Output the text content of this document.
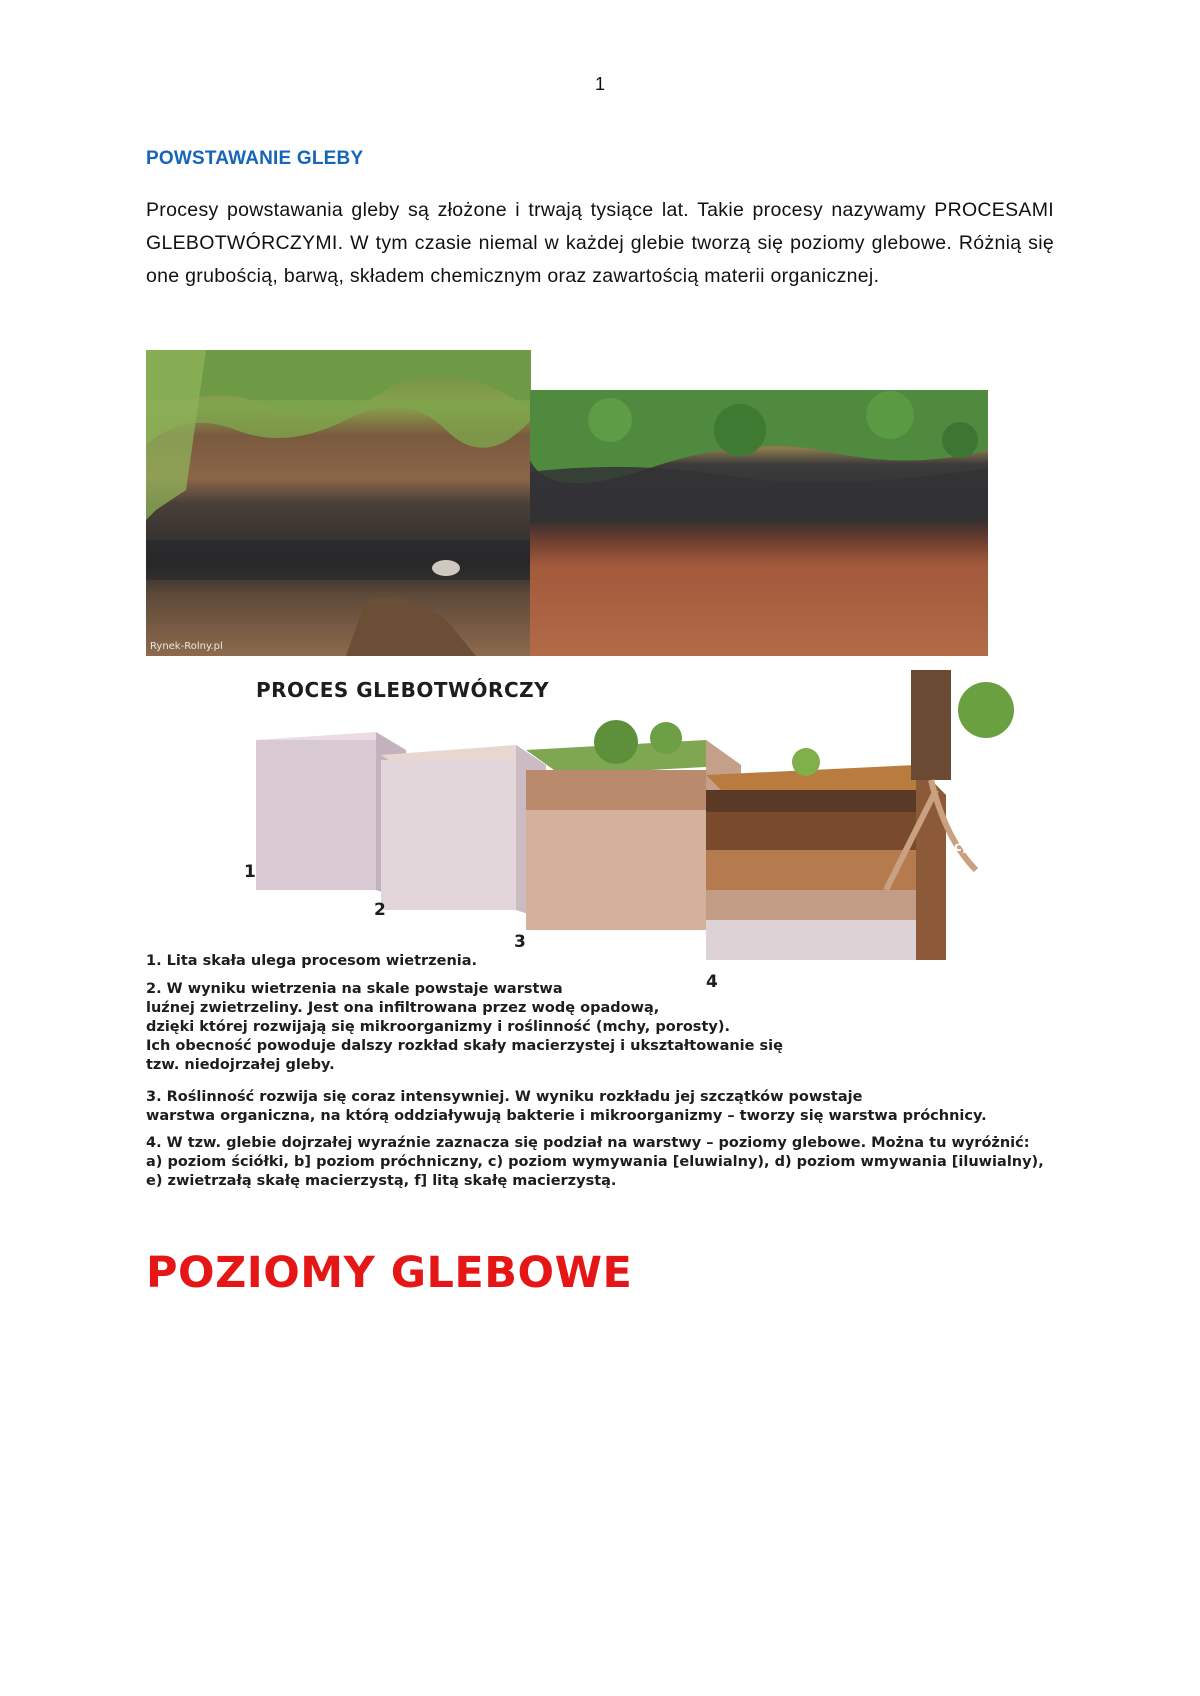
1
POWSTAWANIE GLEBY

Procesy powstawania gleby są złożone i trwają tysiące lat. Takie procesy nazywamy PROCESAMI GLEBOTWÓRCZYMI. W tym czasie niemal w każdej glebie tworzą się poziomy glebowe. Różnią się one grubością, barwą, składem chemicznym oraz zawartością materii organicznej.

Rynek-Rolny.pl
PROCES GLEBOTWÓRCZY
1
2
3
4
a)
b)
c)
d)
e)
f)
1. Lita skała ulega procesom wietrzenia.
2. W wyniku wietrzenia na skale powstaje warstwa
luźnej zwietrzeliny. Jest ona infiltrowana przez wodę opadową,
dzięki której rozwijają się mikroorganizmy i roślinność (mchy, porosty).
Ich obecność powoduje dalszy rozkład skały macierzystej i ukształtowanie się
tzw. niedojrzałej gleby.
3. Roślinność rozwija się coraz intensywniej. W wyniku rozkładu jej szczątków powstaje
warstwa organiczna, na którą oddziaływują bakterie i mikroorganizmy – tworzy się warstwa próchnicy.
4. W tzw. glebie dojrzałej wyraźnie zaznacza się podział na warstwy – poziomy glebowe. Można tu wyróżnić:
a) poziom ściółki, b] poziom próchniczny, c) poziom wymywania [eluwialny), d) poziom wmywania [iluwialny),
e) zwietrzałą skałę macierzystą, f] litą skałę macierzystą.
POZIOMY GLEBOWE
